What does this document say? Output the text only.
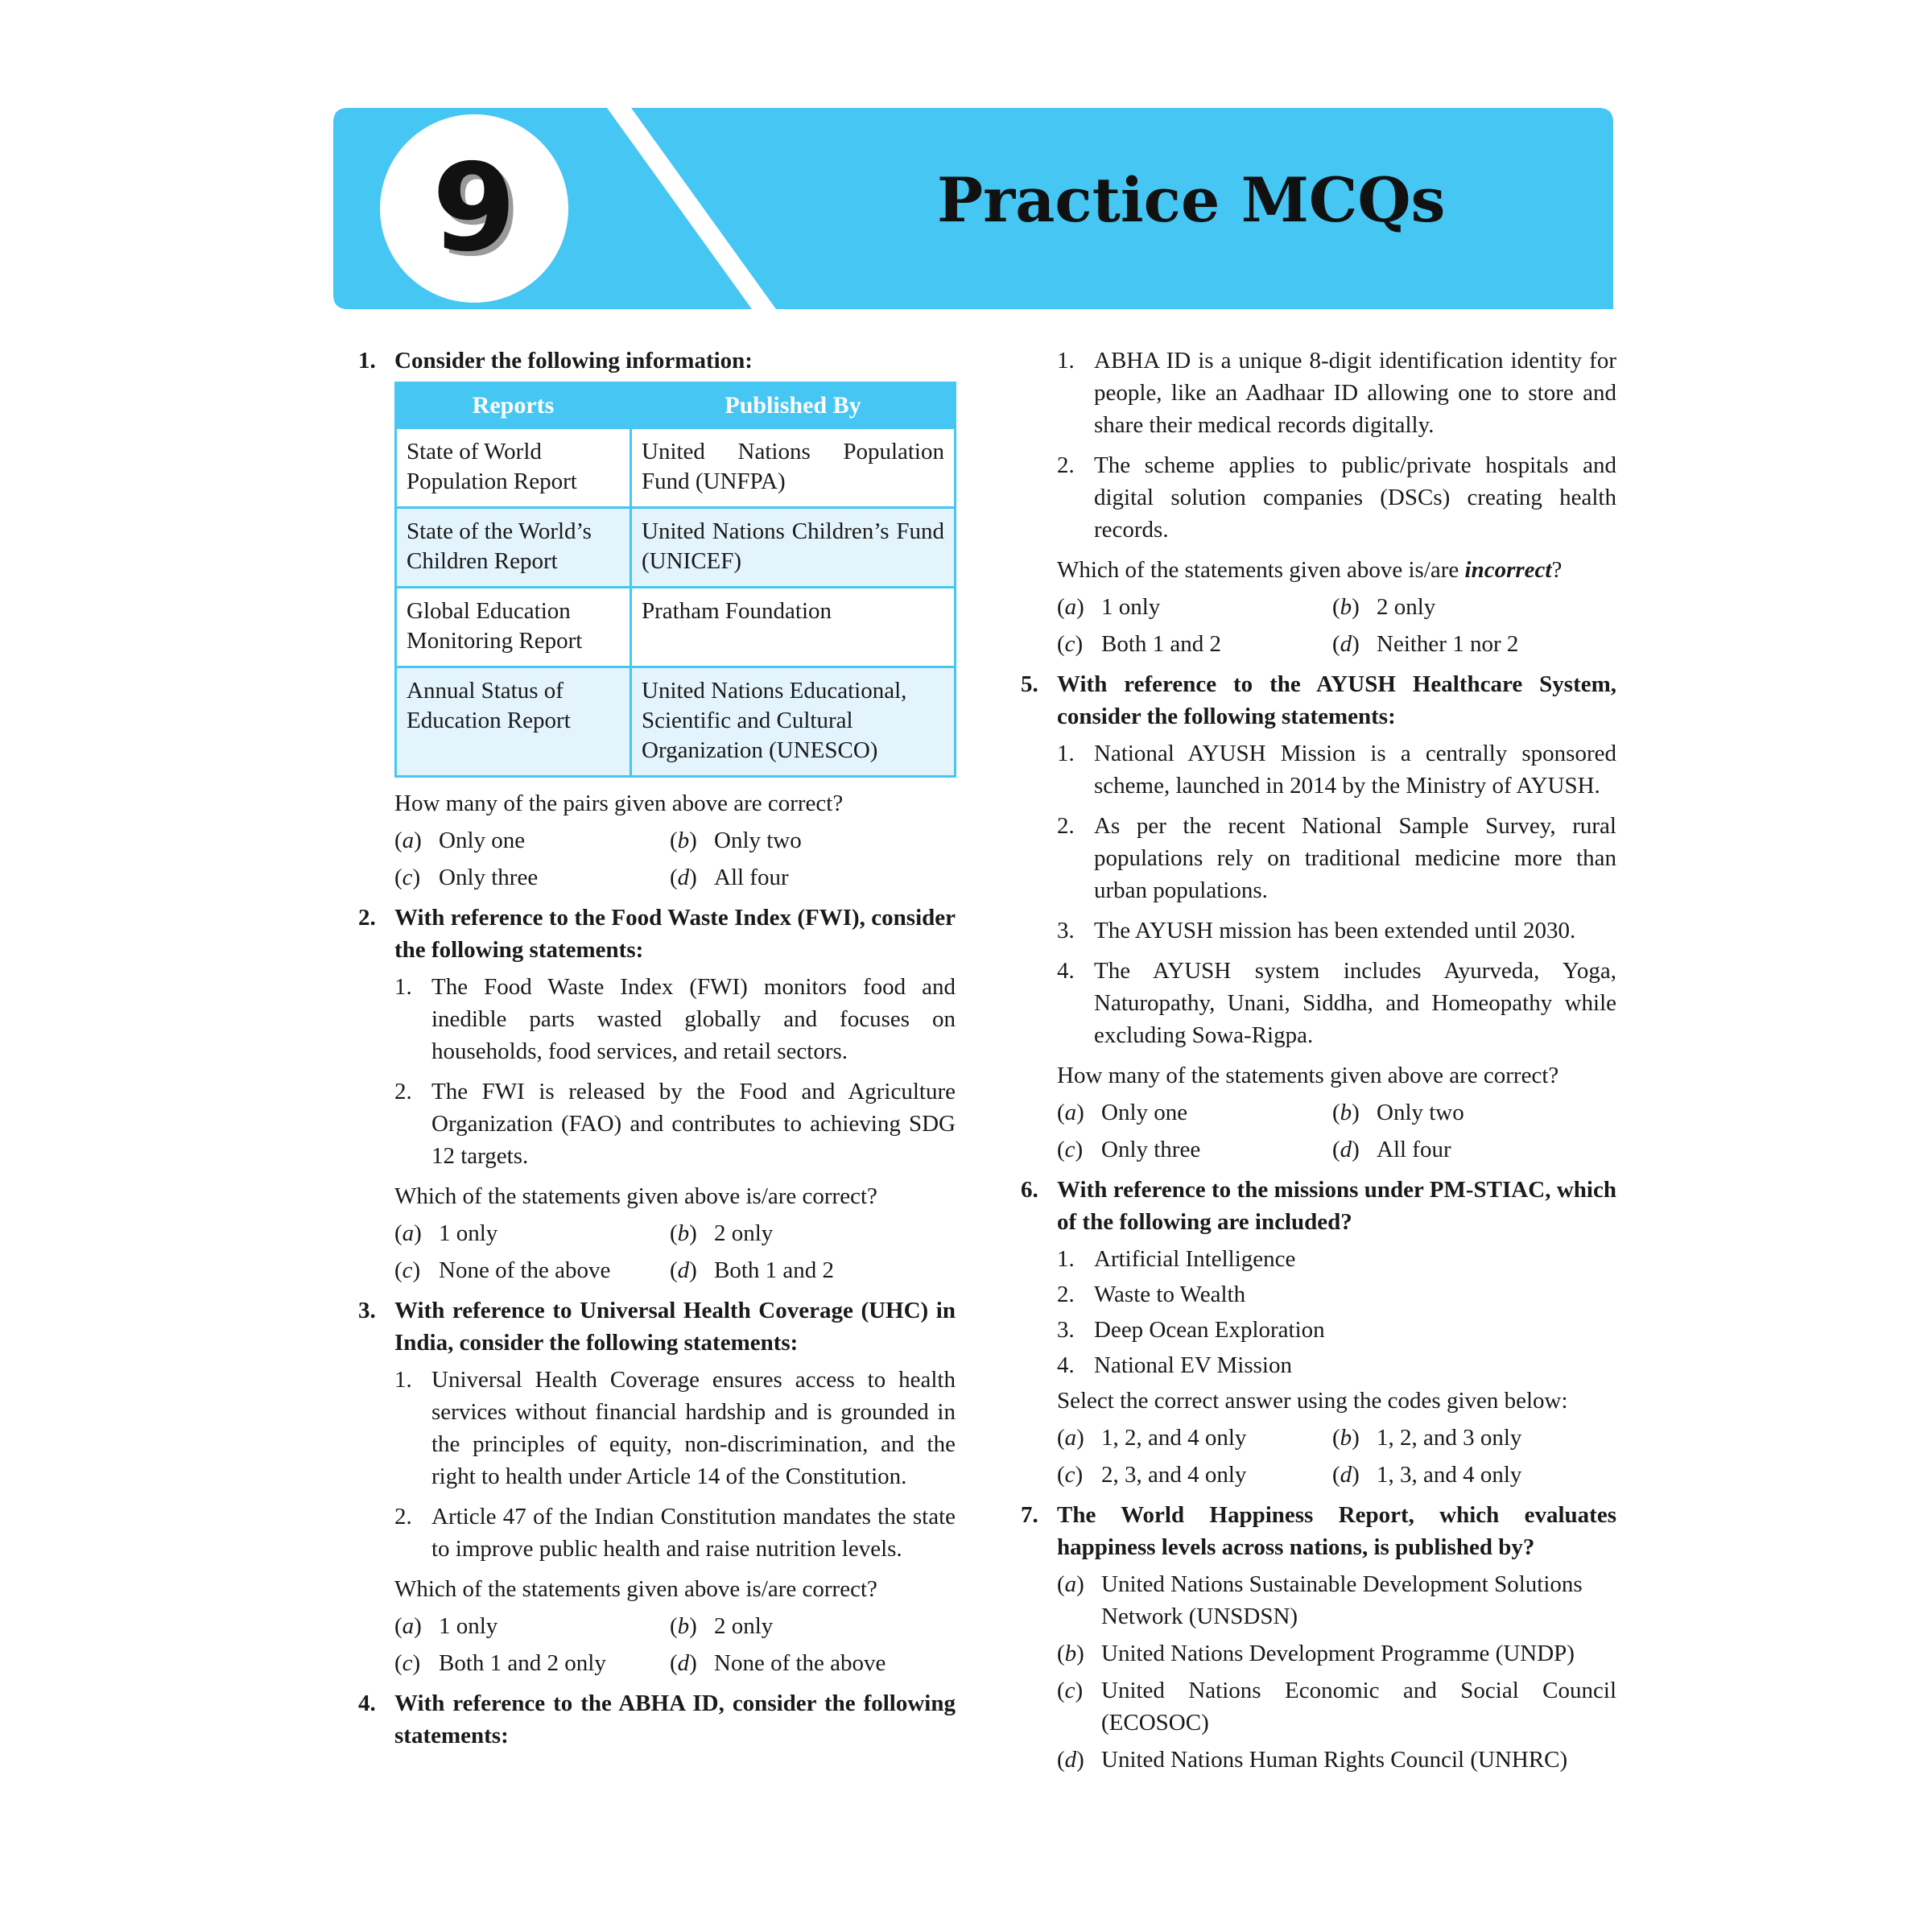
9	Practice MCQs
1. Consider the following information:
Reports	Published By
State of World Population Report	United Nations Population Fund (UNFPA)
State of the World’s Children Report	United Nations Children’s Fund (UNICEF)
Global Education Monitoring Report	Pratham Foundation
Annual Status of Education Report	United Nations Educational, Scientific and Cultural Organization (UNESCO)
How many of the pairs given above are correct?
(a) Only one	(b) Only two
(c) Only three	(d) All four
2. With reference to the Food Waste Index (FWI), consider the following statements:
1. The Food Waste Index (FWI) monitors food and inedible parts wasted globally and focuses on households, food services, and retail sectors.
2. The FWI is released by the Food and Agriculture Organization (FAO) and contributes to achieving SDG 12 targets.
Which of the statements given above is/are correct?
(a) 1 only	(b) 2 only
(c) None of the above	(d) Both 1 and 2
3. With reference to Universal Health Coverage (UHC) in India, consider the following statements:
1. Universal Health Coverage ensures access to health services without financial hardship and is grounded in the principles of equity, non-discrimination, and the right to health under Article 14 of the Constitution.
2. Article 47 of the Indian Constitution mandates the state to improve public health and raise nutrition levels.
Which of the statements given above is/are correct?
(a) 1 only	(b) 2 only
(c) Both 1 and 2 only	(d) None of the above
4. With reference to the ABHA ID, consider the following statements:
1. ABHA ID is a unique 8-digit identification identity for people, like an Aadhaar ID allowing one to store and share their medical records digitally.
2. The scheme applies to public/private hospitals and digital solution companies (DSCs) creating health records.
Which of the statements given above is/are incorrect?
(a) 1 only	(b) 2 only
(c) Both 1 and 2	(d) Neither 1 nor 2
5. With reference to the AYUSH Healthcare System, consider the following statements:
1. National AYUSH Mission is a centrally sponsored scheme, launched in 2014 by the Ministry of AYUSH.
2. As per the recent National Sample Survey, rural populations rely on traditional medicine more than urban populations.
3. The AYUSH mission has been extended until 2030.
4. The AYUSH system includes Ayurveda, Yoga, Naturopathy, Unani, Siddha, and Homeopathy while excluding Sowa-Rigpa.
How many of the statements given above are correct?
(a) Only one	(b) Only two
(c) Only three	(d) All four
6. With reference to the missions under PM-STIAC, which of the following are included?
1. Artificial Intelligence
2. Waste to Wealth
3. Deep Ocean Exploration
4. National EV Mission
Select the correct answer using the codes given below:
(a) 1, 2, and 4 only	(b) 1, 2, and 3 only
(c) 2, 3, and 4 only	(d) 1, 3, and 4 only
7. The World Happiness Report, which evaluates happiness levels across nations, is published by?
(a) United Nations Sustainable Development Solutions Network (UNSDSN)
(b) United Nations Development Programme (UNDP)
(c) United Nations Economic and Social Council (ECOSOC)
(d) United Nations Human Rights Council (UNHRC)
